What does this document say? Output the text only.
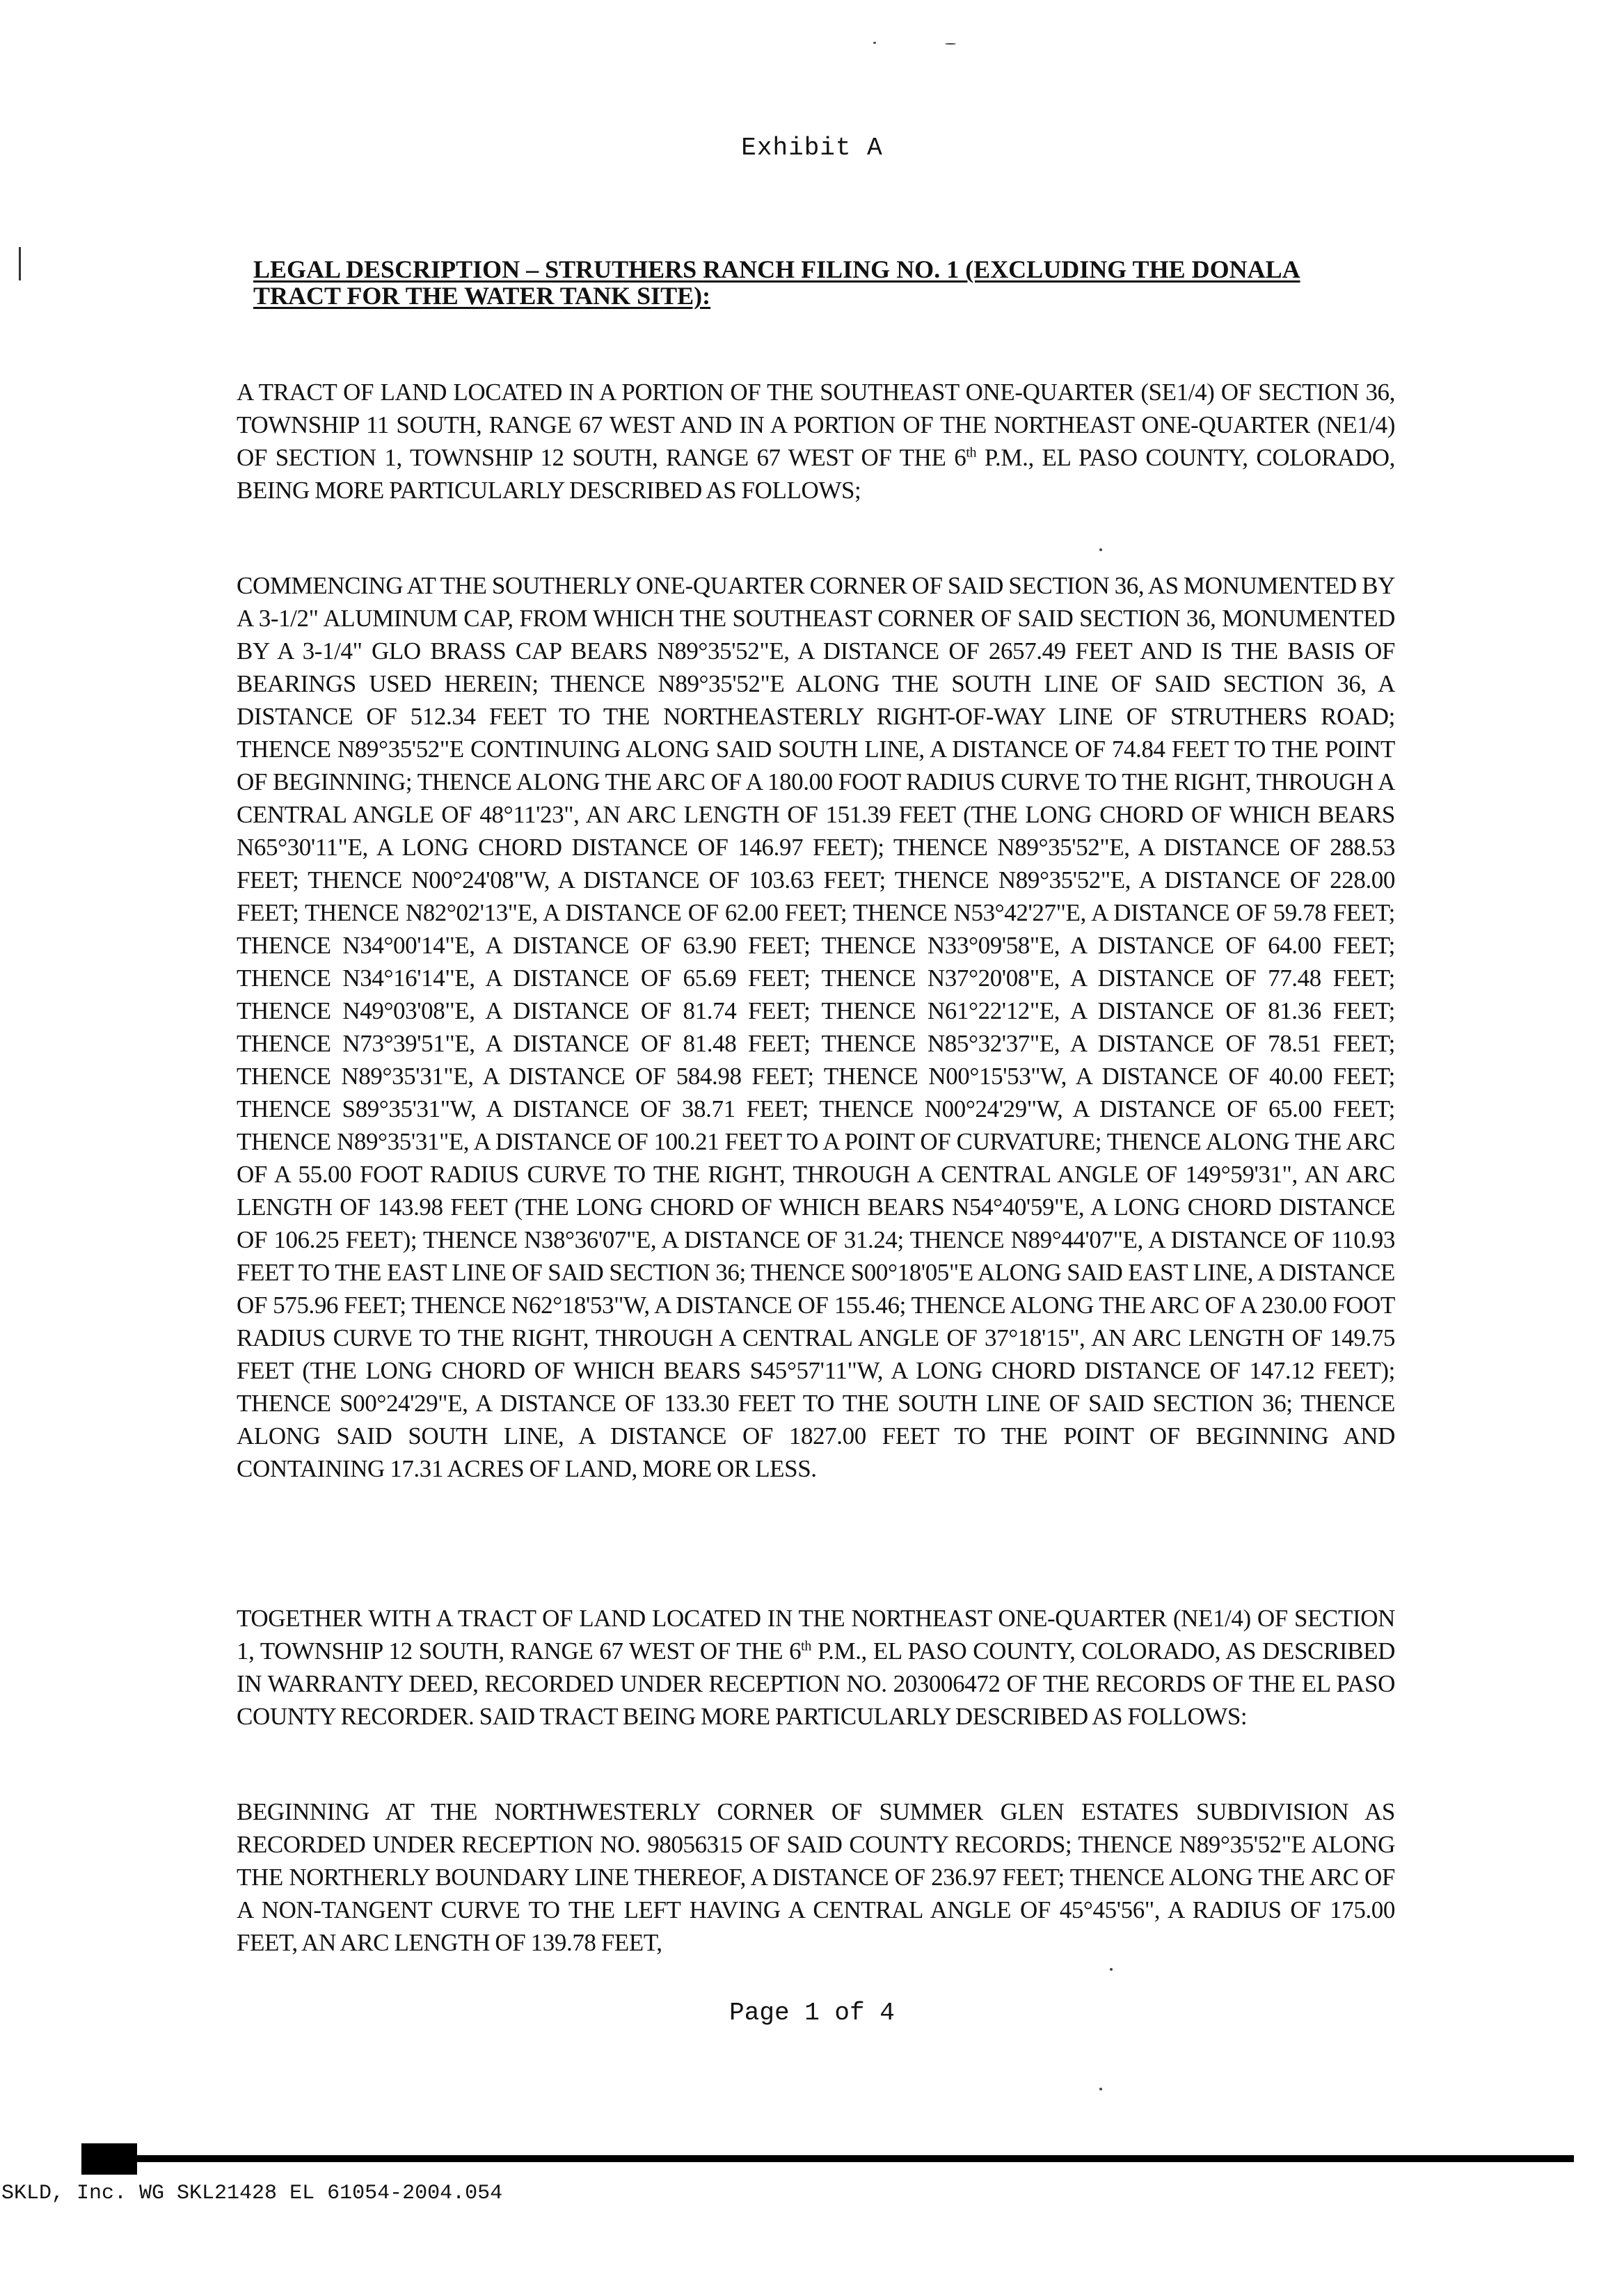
Exhibit A
LEGAL DESCRIPTION – STRUTHERS RANCH FILING NO. 1 (EXCLUDING THE DONALA
TRACT FOR THE WATER TANK SITE):
A TRACT OF LAND LOCATED IN A PORTION OF THE SOUTHEAST ONE-QUARTER (SE1/4) OF SECTION 36, TOWNSHIP 11 SOUTH, RANGE 67 WEST AND IN A PORTION OF THE NORTHEAST ONE-QUARTER (NE1/4) OF SECTION 1, TOWNSHIP 12 SOUTH, RANGE 67 WEST OF THE 6th P.M., EL PASO COUNTY, COLORADO, BEING MORE PARTICULARLY DESCRIBED AS FOLLOWS;
COMMENCING AT THE SOUTHERLY ONE-QUARTER CORNER OF SAID SECTION 36, AS MONUMENTED BY A 3-1/2" ALUMINUM CAP, FROM WHICH THE SOUTHEAST CORNER OF SAID SECTION 36, MONUMENTED BY A 3-1/4" GLO BRASS CAP BEARS N89°35'52"E, A DISTANCE OF 2657.49 FEET AND IS THE BASIS OF BEARINGS USED HEREIN; THENCE N89°35'52"E ALONG THE SOUTH LINE OF SAID SECTION 36, A DISTANCE OF 512.34 FEET TO THE NORTHEASTERLY RIGHT-OF-WAY LINE OF STRUTHERS ROAD; THENCE N89°35'52"E CONTINUING ALONG SAID SOUTH LINE, A DISTANCE OF 74.84 FEET TO THE POINT OF BEGINNING; THENCE ALONG THE ARC OF A 180.00 FOOT RADIUS CURVE TO THE RIGHT, THROUGH A CENTRAL ANGLE OF 48°11'23", AN ARC LENGTH OF 151.39 FEET (THE LONG CHORD OF WHICH BEARS N65°30'11"E, A LONG CHORD DISTANCE OF 146.97 FEET); THENCE N89°35'52"E, A DISTANCE OF 288.53 FEET; THENCE N00°24'08"W, A DISTANCE OF 103.63 FEET; THENCE N89°35'52"E, A DISTANCE OF 228.00 FEET; THENCE N82°02'13"E, A DISTANCE OF 62.00 FEET; THENCE N53°42'27"E, A DISTANCE OF 59.78 FEET; THENCE N34°00'14"E, A DISTANCE OF 63.90 FEET; THENCE N33°09'58"E, A DISTANCE OF 64.00 FEET; THENCE N34°16'14"E, A DISTANCE OF 65.69 FEET; THENCE N37°20'08"E, A DISTANCE OF 77.48 FEET; THENCE N49°03'08"E, A DISTANCE OF 81.74 FEET; THENCE N61°22'12"E, A DISTANCE OF 81.36 FEET; THENCE N73°39'51"E, A DISTANCE OF 81.48 FEET; THENCE N85°32'37"E, A DISTANCE OF 78.51 FEET; THENCE N89°35'31"E, A DISTANCE OF 584.98 FEET; THENCE N00°15'53"W, A DISTANCE OF 40.00 FEET; THENCE S89°35'31"W, A DISTANCE OF 38.71 FEET; THENCE N00°24'29"W, A DISTANCE OF 65.00 FEET; THENCE N89°35'31"E, A DISTANCE OF 100.21 FEET TO A POINT OF CURVATURE; THENCE ALONG THE ARC OF A 55.00 FOOT RADIUS CURVE TO THE RIGHT, THROUGH A CENTRAL ANGLE OF 149°59'31", AN ARC LENGTH OF 143.98 FEET (THE LONG CHORD OF WHICH BEARS N54°40'59"E, A LONG CHORD DISTANCE OF 106.25 FEET); THENCE N38°36'07"E, A DISTANCE OF 31.24; THENCE N89°44'07"E, A DISTANCE OF 110.93 FEET TO THE EAST LINE OF SAID SECTION 36; THENCE S00°18'05"E ALONG SAID EAST LINE, A DISTANCE OF 575.96 FEET; THENCE N62°18'53"W, A DISTANCE OF 155.46; THENCE ALONG THE ARC OF A 230.00 FOOT RADIUS CURVE TO THE RIGHT, THROUGH A CENTRAL ANGLE OF 37°18'15", AN ARC LENGTH OF 149.75 FEET (THE LONG CHORD OF WHICH BEARS S45°57'11"W, A LONG CHORD DISTANCE OF 147.12 FEET); THENCE S00°24'29"E, A DISTANCE OF 133.30 FEET TO THE SOUTH LINE OF SAID SECTION 36; THENCE ALONG SAID SOUTH LINE, A DISTANCE OF 1827.00 FEET TO THE POINT OF BEGINNING AND CONTAINING 17.31 ACRES OF LAND, MORE OR LESS.
TOGETHER WITH A TRACT OF LAND LOCATED IN THE NORTHEAST ONE-QUARTER (NE1/4) OF SECTION 1, TOWNSHIP 12 SOUTH, RANGE 67 WEST OF THE 6th P.M., EL PASO COUNTY, COLORADO, AS DESCRIBED IN WARRANTY DEED, RECORDED UNDER RECEPTION NO. 203006472 OF THE RECORDS OF THE EL PASO COUNTY RECORDER. SAID TRACT BEING MORE PARTICULARLY DESCRIBED AS FOLLOWS:
BEGINNING AT THE NORTHWESTERLY CORNER OF SUMMER GLEN ESTATES SUBDIVISION AS RECORDED UNDER RECEPTION NO. 98056315 OF SAID COUNTY RECORDS; THENCE N89°35'52"E ALONG THE NORTHERLY BOUNDARY LINE THEREOF, A DISTANCE OF 236.97 FEET; THENCE ALONG THE ARC OF A NON-TANGENT CURVE TO THE LEFT HAVING A CENTRAL ANGLE OF 45°45'56", A RADIUS OF 175.00 FEET, AN ARC LENGTH OF 139.78 FEET,
Page 1 of 4
SKLD, Inc. WG SKL21428 EL 61054-2004.054
